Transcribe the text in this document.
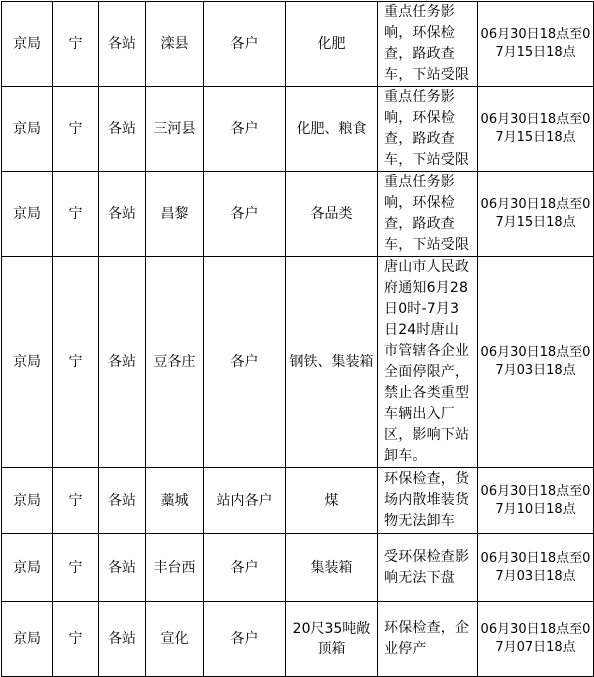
京局	宁	各站	滦县	各户	化肥	重点任务影响，环保检查，路政查车，下站受限	06月30日18点至07月15日18点
京局	宁	各站	三河县	各户	化肥、粮食	重点任务影响，环保检查，路政查车，下站受限	06月30日18点至07月15日18点
京局	宁	各站	昌黎	各户	各品类	重点任务影响，环保检查，路政查车，下站受限	06月30日18点至07月15日18点
京局	宁	各站	豆各庄	各户	钢铁、集装箱	唐山市人民政府通知6月28日0时-7月3日24时唐山市管辖各企业全面停限产，禁止各类重型车辆出入厂区，影响下站卸车。	06月30日18点至07月03日18点
京局	宁	各站	藁城	站内各户	煤	环保检查，货场内散堆装货物无法卸车	06月30日18点至07月10日18点
京局	宁	各站	丰台西	各户	集装箱	受环保检查影响无法下盘	06月30日18点至07月03日18点
京局	宁	各站	宣化	各户	20尺35吨敞顶箱	环保检查，企业停产	06月30日18点至07月07日18点
